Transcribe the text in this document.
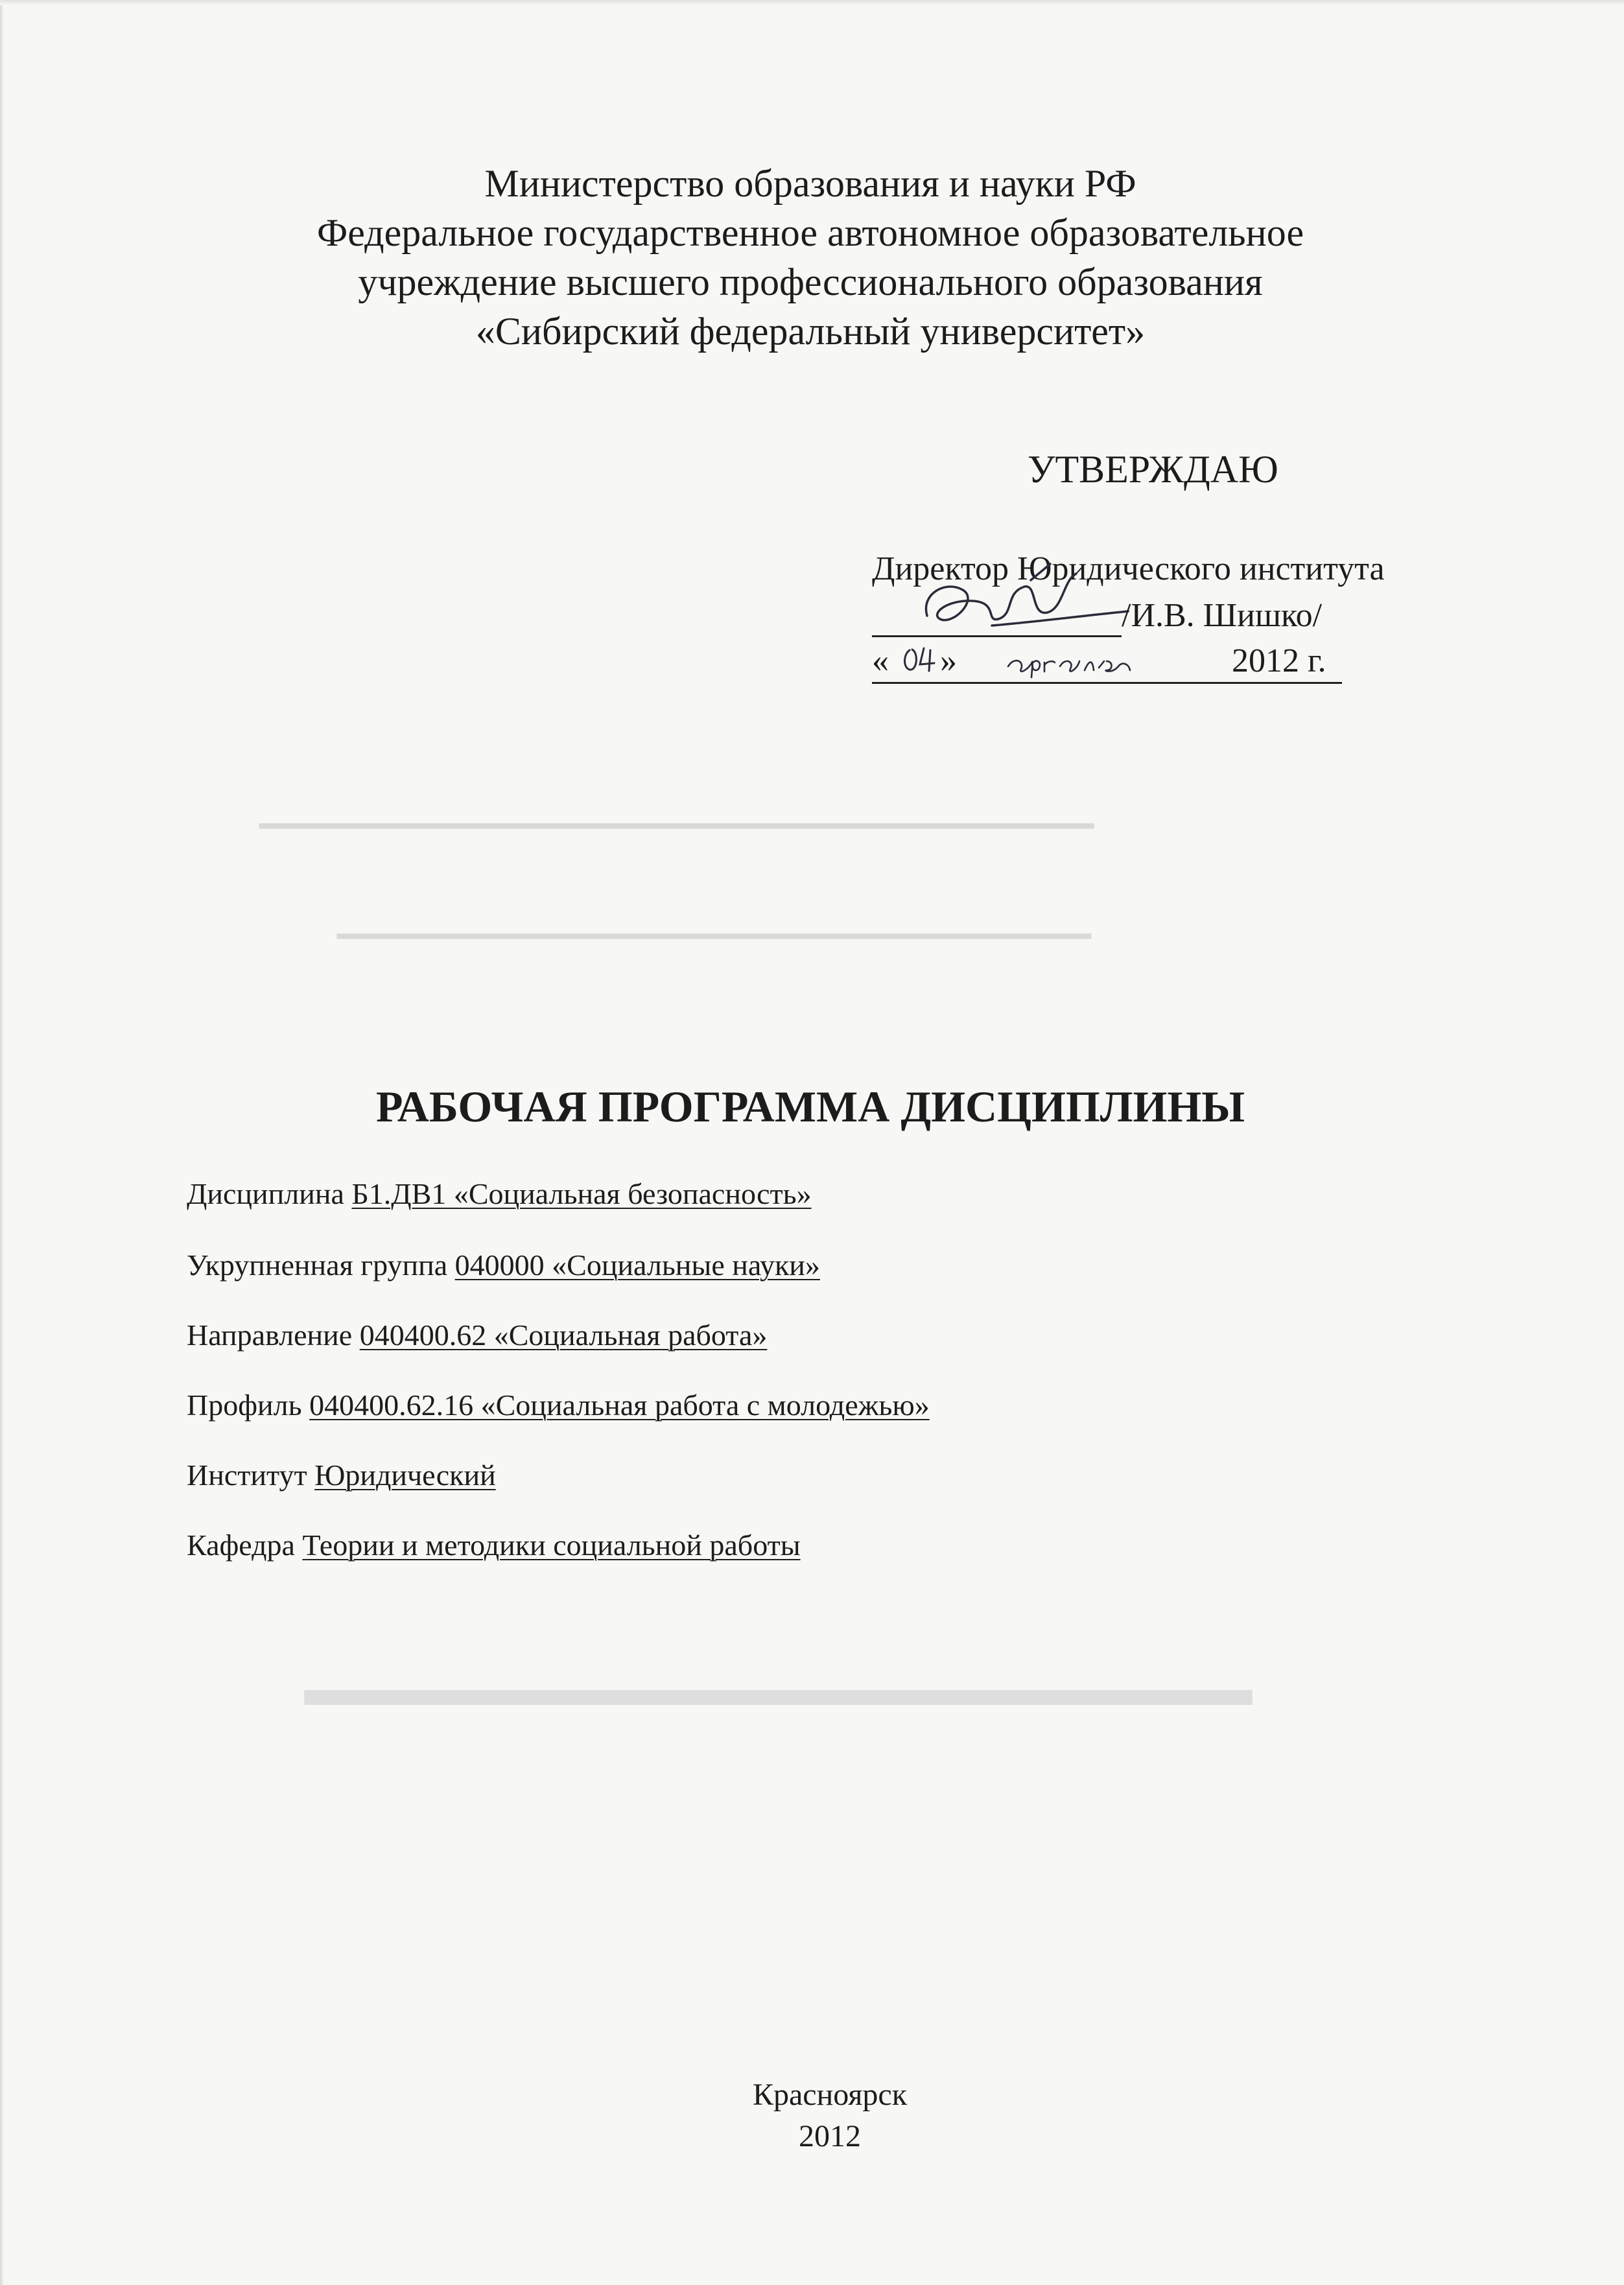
▁▁▁▁▁▁▁▁▁▁▁▁▁▁▁▁▁▁▁▁▁▁▁▁▁▁▁▁▁▁▁
▁▁▁▁▁▁▁▁▁▁▁▁▁▁▁▁▁▁▁▁▁▁▁▁▁▁▁▁
▂▂▂▂▂▂▂▂▂▂▂▂▂▂▂▂▂▂▂▂▂▂▂▂▂
Министерство образования и науки РФ
Федеральное государственное автономное образовательное
учреждение высшего профессионального образования
«Сибирский федеральный университет»
УТВЕРЖДАЮ
Директор Юридического института
/И.В. Шишко/
« »	2012 г.
РАБОЧАЯ ПРОГРАММА ДИСЦИПЛИНЫ
Дисциплина Б1.ДВ1 «Социальная безопасность»
Укрупненная группа 040000 «Социальные науки»
Направление 040400.62 «Социальная работа»
Профиль 040400.62.16 «Социальная работа с молодежью»
Институт Юридический
Кафедра Теории и методики социальной работы
Красноярск
2012
